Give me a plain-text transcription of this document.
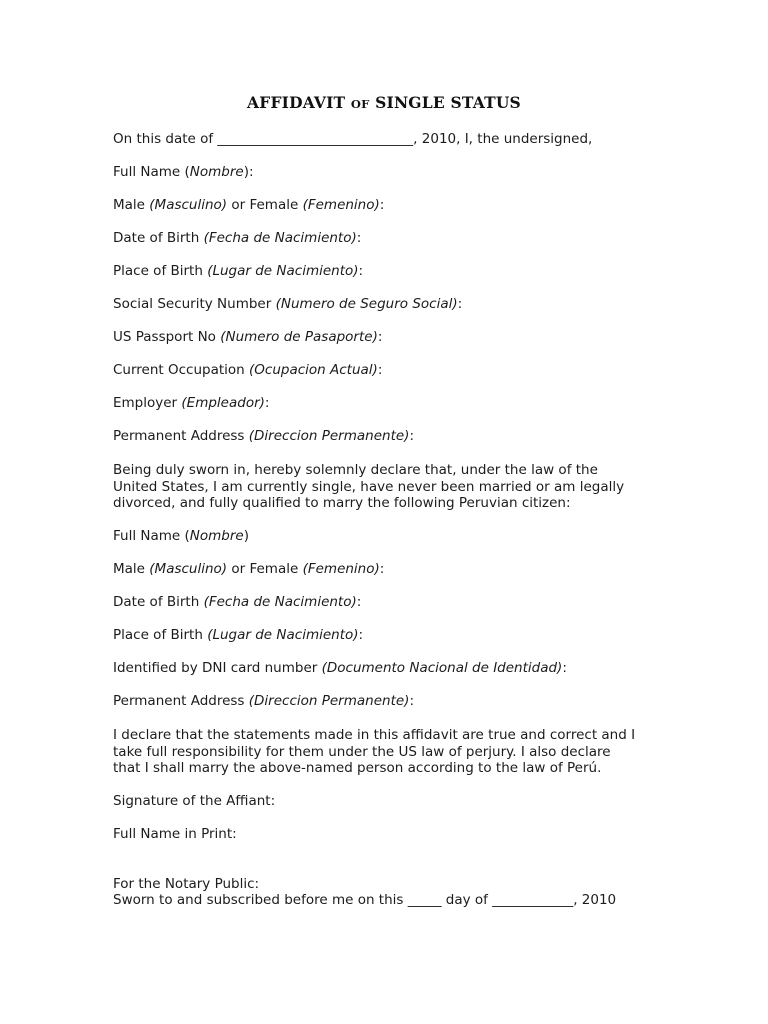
AFFIDAVIT OF SINGLE STATUS
On this date of _____________________________, 2010, I, the undersigned,
Full Name (Nombre):
Male (Masculino) or Female (Femenino):
Date of Birth (Fecha de Nacimiento):
Place of Birth (Lugar de Nacimiento):
Social Security Number (Numero de Seguro Social):
US Passport No (Numero de Pasaporte):
Current Occupation (Ocupacion Actual):
Employer (Empleador):
Permanent Address (Direccion Permanente):
Being duly sworn in, hereby solemnly declare that, under the law of the
United States, I am currently single, have never been married or am legally
divorced, and fully qualified to marry the following Peruvian citizen:
Full Name (Nombre)
Male (Masculino) or Female (Femenino):
Date of Birth (Fecha de Nacimiento):
Place of Birth (Lugar de Nacimiento):
Identified by DNI card number (Documento Nacional de Identidad):
Permanent Address (Direccion Permanente):
I declare that the statements made in this affidavit are true and correct and I
take full responsibility for them under the US law of perjury. I also declare
that I shall marry the above-named person according to the law of Perú.
Signature of the Affiant:
Full Name in Print:
For the Notary Public:
Sworn to and subscribed before me on this _____ day of ____________, 2010
